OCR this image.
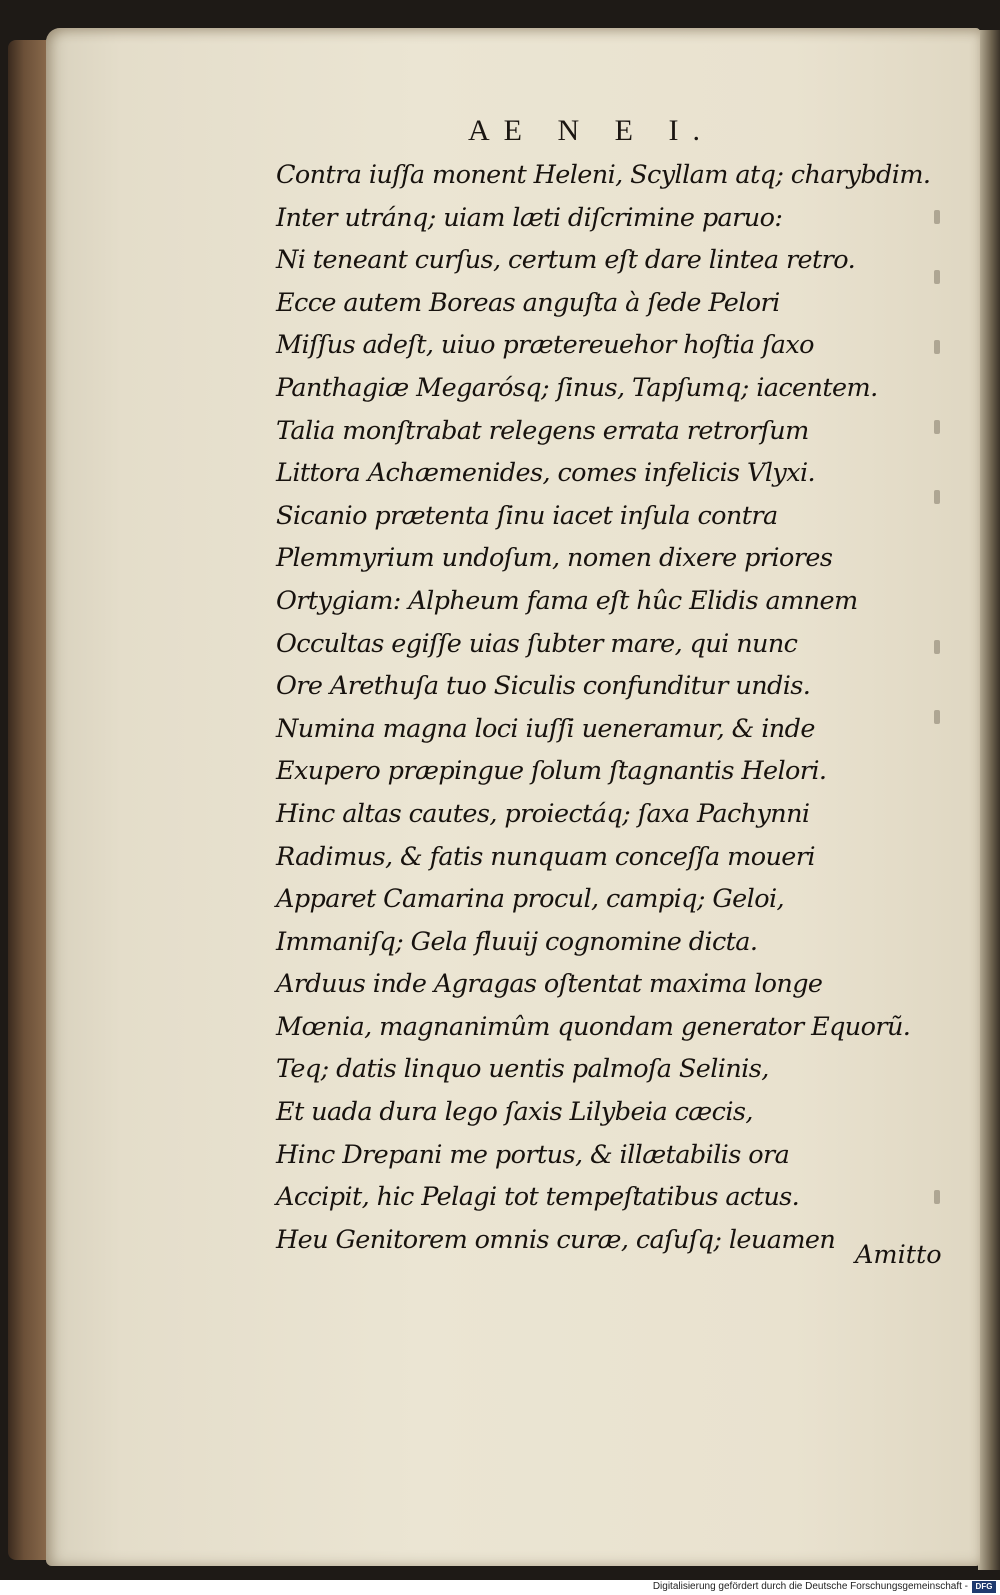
AE N E I.
Contra iuſſa monent Heleni, Scyllam atq; charybdim.
Inter utránq; uiam læti diſcrimine paruo:
Ni teneant curſus, certum eſt dare lintea retro.
Ecce autem Boreas anguſta à ſede Pelori
Miſſus adeſt, uiuo prætereuehor hoſtia ſaxo
Panthagiæ Megarósq; ſinus, Tapſumq; iacentem.
Talia monſtrabat relegens errata retrorſum
Littora Achæmenides, comes infelicis Vlyxi.
Sicanio prætenta ſinu iacet inſula contra
Plemmyrium undoſum, nomen dixere priores
Ortygiam: Alpheum fama eſt hûc Elidis amnem
Occultas egiſſe uias ſubter mare, qui nunc
Ore Arethuſa tuo Siculis confunditur undis.
Numina magna loci iuſſi ueneramur, & inde
Exupero præpingue ſolum ſtagnantis Helori.
Hinc altas cautes, proiectáq; ſaxa Pachynni
Radimus, & fatis nunquam conceſſa moueri
Apparet Camarina procul, campiq; Geloi,
Immaniſq; Gela fluuij cognomine dicta.
Arduus inde Agragas oſtentat maxima longe
Mœnia, magnanimûm quondam generator Equorũ.
Teq; datis linquo uentis palmoſa Selinis,
Et uada dura lego ſaxis Lilybeia cæcis,
Hinc Drepani me portus, & illætabilis ora
Accipit, hic Pelagi tot tempeſtatibus actus.
Heu Genitorem omnis curæ, caſuſq; leuamen
Amitto
Digitalisierung gefördert durch die Deutsche Forschungsgemeinschaft - DFG
